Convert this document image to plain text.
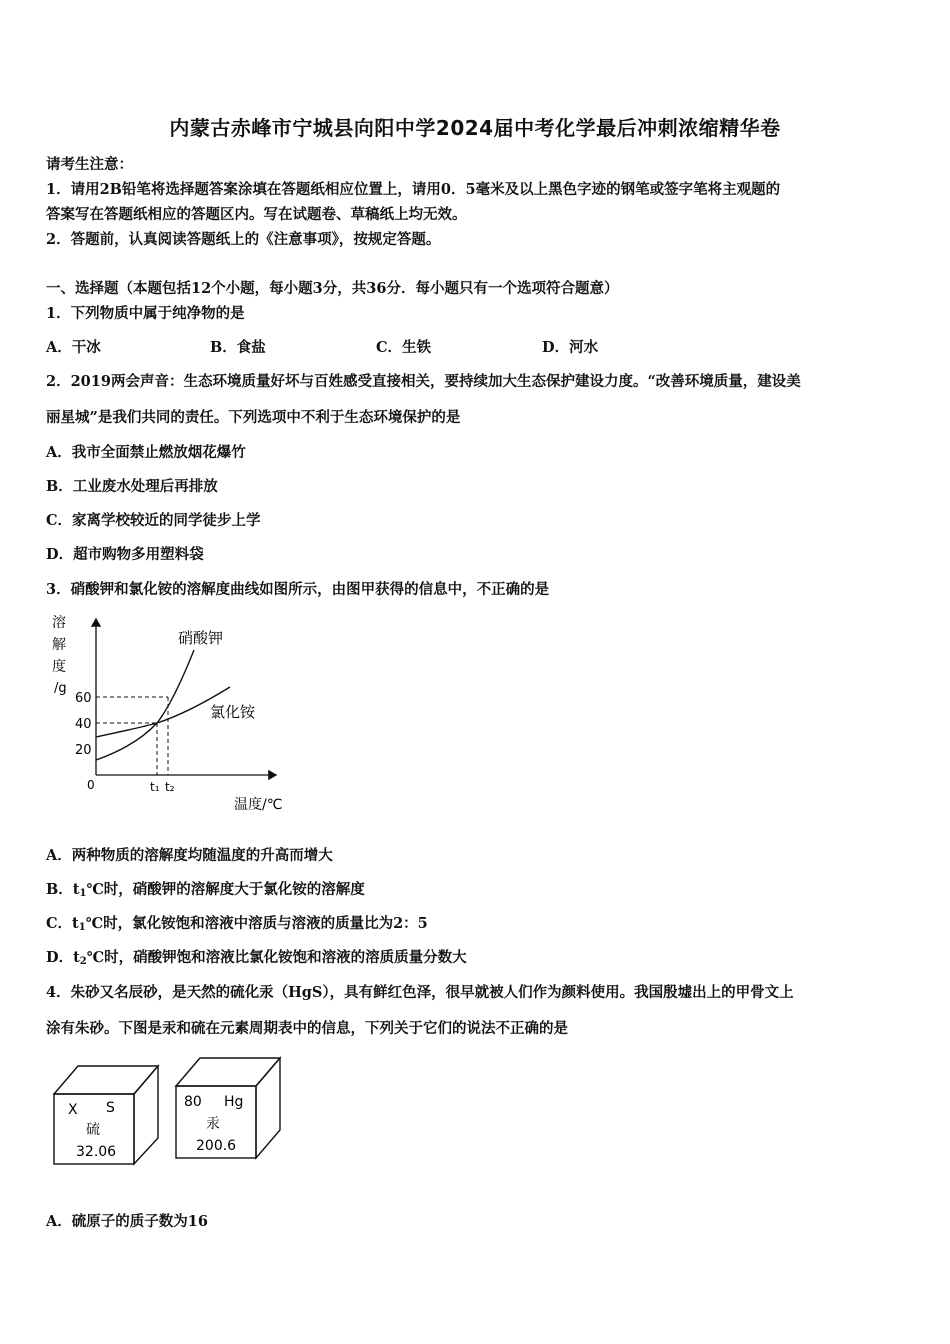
内蒙古赤峰市宁城县向阳中学2024届中考化学最后冲刺浓缩精华卷
请考生注意：
1．请用2B铅笔将选择题答案涂填在答题纸相应位置上，请用0．5毫米及以上黑色字迹的钢笔或签字笔将主观题的
答案写在答题纸相应的答题区内。写在试题卷、草稿纸上均无效。
2．答题前，认真阅读答题纸上的《注意事项》，按规定答题。
一、选择题（本题包括12个小题，每小题3分，共36分．每小题只有一个选项符合题意）
1．下列物质中属于纯净物的是
A．干冰	B．食盐	C．生铁	D．河水
2．2019两会声音：生态环境质量好坏与百姓感受直接相关，要持续加大生态保护建设力度。“改善环境质量，建设美
丽星城”是我们共同的责任。下列选项中不利于生态环境保护的是
A．我市全面禁止燃放烟花爆竹
B．工业废水处理后再排放
C．家离学校较近的同学徒步上学
D．超市购物多用塑料袋
3．硝酸钾和氯化铵的溶解度曲线如图所示，由图甲获得的信息中，不正确的是
溶
解
度
/g
60
40
20
0	t₁ t₂
温度/℃
硝酸钾
氯化铵
A．两种物质的溶解度均随温度的升高而增大
B．$t_1℃$时，硝酸钾的溶解度大于氯化铵的溶解度
C．$t_1℃$时，氯化铵饱和溶液中溶质与溶液的质量比为2：5
D．$t_2℃$时，硝酸钾饱和溶液比氯化铵饱和溶液的溶质质量分数大
4．朱砂又名辰砂，是天然的硫化汞（HgS），具有鲜红色泽，很早就被人们作为颜料使用。我国殷墟出上的甲骨文上
涂有朱砂。下图是汞和硫在元素周期表中的信息，下列关于它们的说法不正确的是
X S
硫
32.06
80 Hg
汞
200.6
A．硫原子的质子数为16
